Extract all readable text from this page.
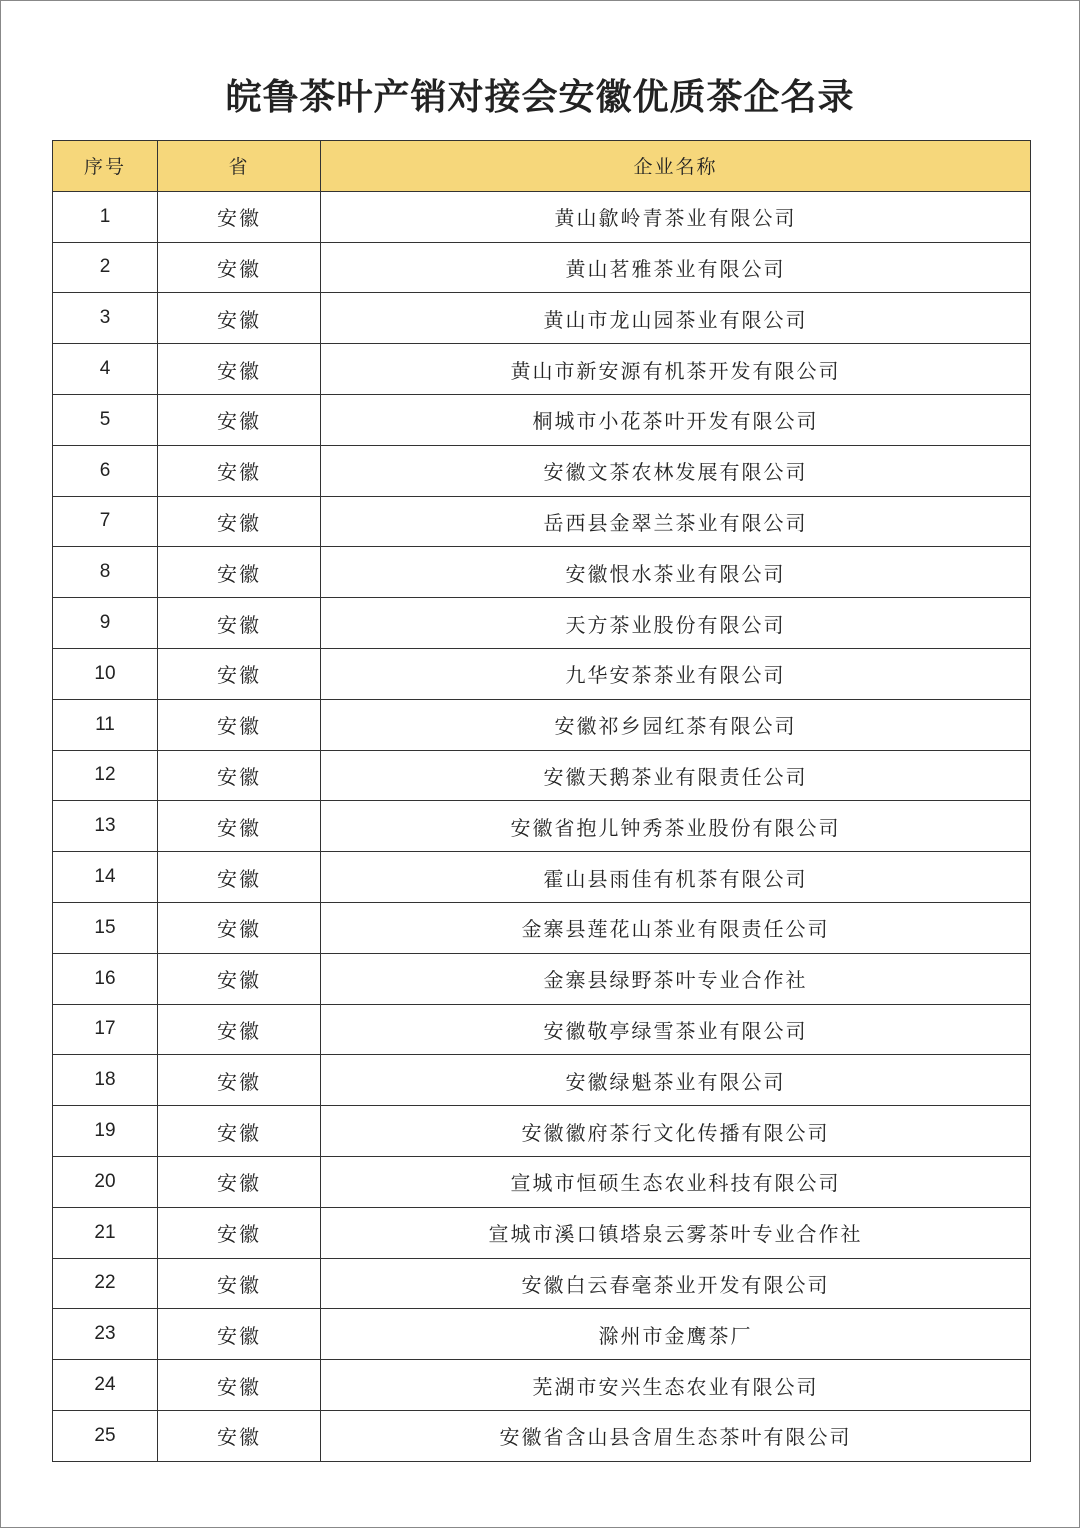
皖鲁茶叶产销对接会安徽优质茶企名录
序号	省	企业名称
1	安徽	黄山歙岭青茶业有限公司
2	安徽	黄山茗雅茶业有限公司
3	安徽	黄山市龙山园茶业有限公司
4	安徽	黄山市新安源有机茶开发有限公司
5	安徽	桐城市小花茶叶开发有限公司
6	安徽	安徽文茶农林发展有限公司
7	安徽	岳西县金翠兰茶业有限公司
8	安徽	安徽恨水茶业有限公司
9	安徽	天方茶业股份有限公司
10	安徽	九华安茶茶业有限公司
11	安徽	安徽祁乡园红茶有限公司
12	安徽	安徽天鹅茶业有限责任公司
13	安徽	安徽省抱儿钟秀茶业股份有限公司
14	安徽	霍山县雨佳有机茶有限公司
15	安徽	金寨县莲花山茶业有限责任公司
16	安徽	金寨县绿野茶叶专业合作社
17	安徽	安徽敬亭绿雪茶业有限公司
18	安徽	安徽绿魁茶业有限公司
19	安徽	安徽徽府茶行文化传播有限公司
20	安徽	宣城市恒硕生态农业科技有限公司
21	安徽	宣城市溪口镇塔泉云雾茶叶专业合作社
22	安徽	安徽白云春毫茶业开发有限公司
23	安徽	滁州市金鹰茶厂
24	安徽	芜湖市安兴生态农业有限公司
25	安徽	安徽省含山县含眉生态茶叶有限公司
